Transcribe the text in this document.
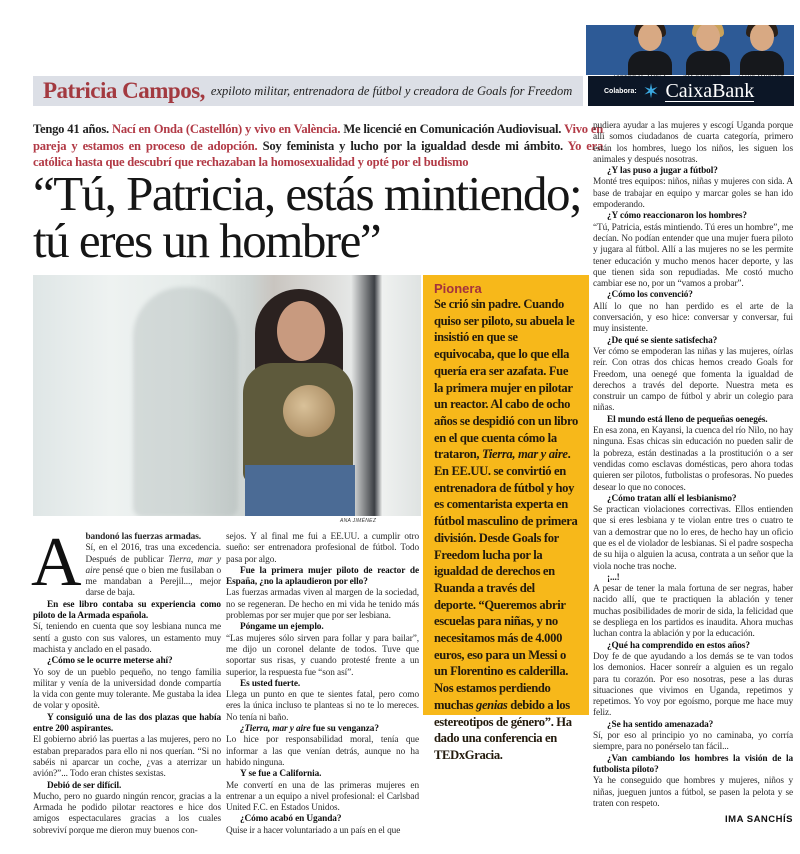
Patricia Campos, expiloto militar, entrenadora de fútbol y creadora de Goals for Freedom	Colabora: ✶ CaixaBank
Tengo 41 años. Nací en Onda (Castellón) y vivo en València. Me licencié en Comunicación Audiovisual. Vivo en pareja y estamos en proceso de adopción. Soy feminista y lucho por la igualdad desde mi ámbito. Yo era católica hasta que descubrí que rechazaban la homosexualidad y opté por el budismo
“Tú, Patricia, estás mintiendo;
tú eres un hombre”
ANA JIMÉNEZ
Pionera

Se crió sin padre. Cuando quiso ser piloto, su abuela le insistió en que se equivocaba, que lo que ella quería era ser azafata. Fue la primera mujer en pilotar un reactor. Al cabo de ocho años se despidió con un libro en el que cuenta cómo la trataron, Tierra, mar y aire. En EE.UU. se convirtió en entrenadora de fútbol y hoy es comentarista experta en fútbol masculino de primera división. Desde Goals for Freedom lucha por la igualdad de derechos en Ruanda a través del deporte. “Queremos abrir escuelas para niñas, y no necesitamos más de 4.000 euros, eso para un Messi o un Florentino es calderilla. Nos estamos perdiendo muchas genias debido a los estereotipos de género”. Ha dado una conferencia en TEDxGracia.

A bandonó las fuerzas armadas.

Sí, en el 2016, tras una excedencia. Después de publicar Tierra, mar y aire pensé que o bien me fusilaban o me mandaban a Perejil..., mejor darse de baja.

En ese libro contaba su experiencia como piloto de la Armada española.

Sí, teniendo en cuenta que soy lesbiana nunca me sentí a gusto con sus valores, un estamento muy machista y anclado en el pasado.

¿Cómo se le ocurre meterse ahí?

Yo soy de un pueblo pequeño, no tengo familia militar y venía de la universidad donde compartía la vida con gente muy tolerante. Me gustaba la idea de volar y opositè.

Y consiguió una de las dos plazas que había entre 200 aspirantes.

El gobierno abrió las puertas a las mujeres, pero no estaban preparados para ello ni nos querían. “Si no sabéis ni aparcar un coche, ¿vas a aterrizar un avión?”... Todo eran chistes sexistas.

Debió de ser difícil.

Mucho, pero no guardo ningún rencor, gracias a la Armada he podido pilotar reactores e hice dos amigos espectaculares gracias a los cuales sobreviví porque me dieron muy buenos con-

sejos. Y al final me fui a EE.UU. a cumplir otro sueño: ser entrenadora profesional de fútbol. Todo pasa por algo.

Fue la primera mujer piloto de reactor de España, ¿no la aplaudieron por ello?

Las fuerzas armadas viven al margen de la sociedad, no se regeneran. De hecho en mi vida he tenido más problemas por ser mujer que por ser lesbiana.

Póngame un ejemplo.

“Las mujeres sólo sirven para follar y para bailar”, me dijo un coronel delante de todos. Tuve que soportar sus risas, y cuando protesté frente a un superior, la respuesta fue “son así”.

Es usted fuerte.

Llega un punto en que te sientes fatal, pero como eres la única incluso te planteas si no te lo mereces. No tenía ni baño.

¿Tierra, mar y aire fue su venganza?

Lo hice por responsabilidad moral, tenía que informar a las que venían detrás, aunque no ha habido ninguna.

Y se fue a California.

Me convertí en una de las primeras mujeres en entrenar a un equipo a nivel profesional: el Carlsbad United F.C. en Estados Unidos.

¿Cómo acabó en Uganda?

Quise ir a hacer voluntariado a un país en el que

pudiera ayudar a las mujeres y escogí Uganda porque allí somos ciudadanos de cuarta categoría, primero están los hombres, luego los niños, les siguen los animales y después nosotras.

¿Y las puso a jugar a fútbol?

Monté tres equipos: niños, niñas y mujeres con sida. A base de trabajar en equipo y marcar goles se han ido empoderando.

¿Y cómo reaccionaron los hombres?

“Tú, Patricia, estás mintiendo. Tú eres un hombre”, me decían. No podían entender que una mujer fuera piloto y jugara al fútbol. Allí a las mujeres no se les permite tener educación y mucho menos hacer deporte, y las que tienen sida son repudiadas. Me costó mucho cambiar ese no, por un “vamos a probar”.

¿Cómo los convenció?

Allí lo que no han perdido es el arte de la conversación, y eso hice: conversar y conversar, fui muy insistente.

¿De qué se siente satisfecha?

Ver cómo se empoderan las niñas y las mujeres, oírlas reír. Con otras dos chicas hemos creado Goals for Freedom, una oenegé que fomenta la igualdad de derechos a través del deporte. Nuestra meta es construir un campo de fútbol y abrir un colegio para niñas.

El mundo está lleno de pequeñas oenegés.

En esa zona, en Kayansi, la cuenca del río Nilo, no hay ninguna. Esas chicas sin educación no pueden salir de la pobreza, están destinadas a la prostitución o a ser vendidas como esclavas domésticas, pero ahora todas quieren ser pilotos, futbolistas o profesoras. No puedes desear lo que no conoces.

¿Cómo tratan allí el lesbianismo?

Se practican violaciones correctivas. Ellos entienden que si eres lesbiana y te violan entre tres o cuatro te van a demostrar que no lo eres, de hecho hay un oficio que es el de violador de lesbianas. Si el padre sospecha de su hija o alguien la acusa, contrata a un señor que la viola noche tras noche.

¡...!

A pesar de tener la mala fortuna de ser negras, haber nacido allí, que te practiquen la ablación y tener muchas posibilidades de morir de sida, la felicidad que se despliega en los partidos es inaudita. Ahora muchas luchan contra la ablación y por la educación.

¿Qué ha comprendido en estos años?

Doy fe de que ayudando a los demás se te van todos los demonios. Hacer sonreír a alguien es un regalo para tu corazón. Por eso nosotras, pese a las duras situaciones que vivimos en Uganda, repetimos y repetimos. Yo voy por egoísmo, porque me hace muy feliz.

¿Se ha sentido amenazada?

Sí, por eso al principio yo no caminaba, yo corría siempre, para no ponérselo tan fácil...

¿Van cambiando los hombres la visión de la futbolista piloto?

Ya he conseguido que hombres y mujeres, niños y niñas, jueguen juntos a fútbol, se pasen la pelota y se traten con respeto.

IMA SANCHÍS
